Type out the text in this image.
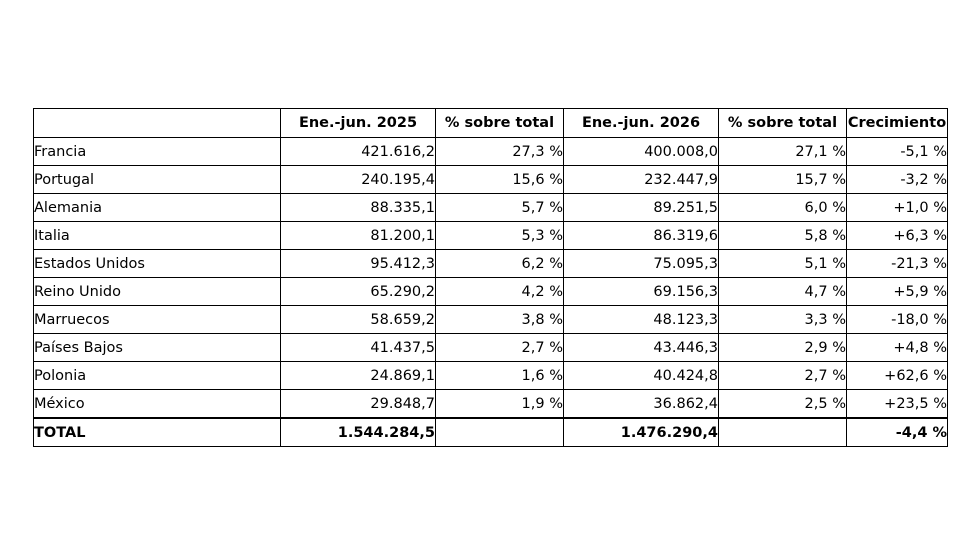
	Ene.-jun. 2025	% sobre total	Ene.-jun. 2026	% sobre total	Crecimiento
Francia	421.616,2	27,3 %	400.008,0	27,1 %	-5,1 %
Portugal	240.195,4	15,6 %	232.447,9	15,7 %	-3,2 %
Alemania	88.335,1	5,7 %	89.251,5	6,0 %	+1,0 %
Italia	81.200,1	5,3 %	86.319,6	5,8 %	+6,3 %
Estados Unidos	95.412,3	6,2 %	75.095,3	5,1 %	-21,3 %
Reino Unido	65.290,2	4,2 %	69.156,3	4,7 %	+5,9 %
Marruecos	58.659,2	3,8 %	48.123,3	3,3 %	-18,0 %
Países Bajos	41.437,5	2,7 %	43.446,3	2,9 %	+4,8 %
Polonia	24.869,1	1,6 %	40.424,8	2,7 %	+62,6 %
México	29.848,7	1,9 %	36.862,4	2,5 %	+23,5 %
TOTAL	1.544.284,5		1.476.290,4		-4,4 %
